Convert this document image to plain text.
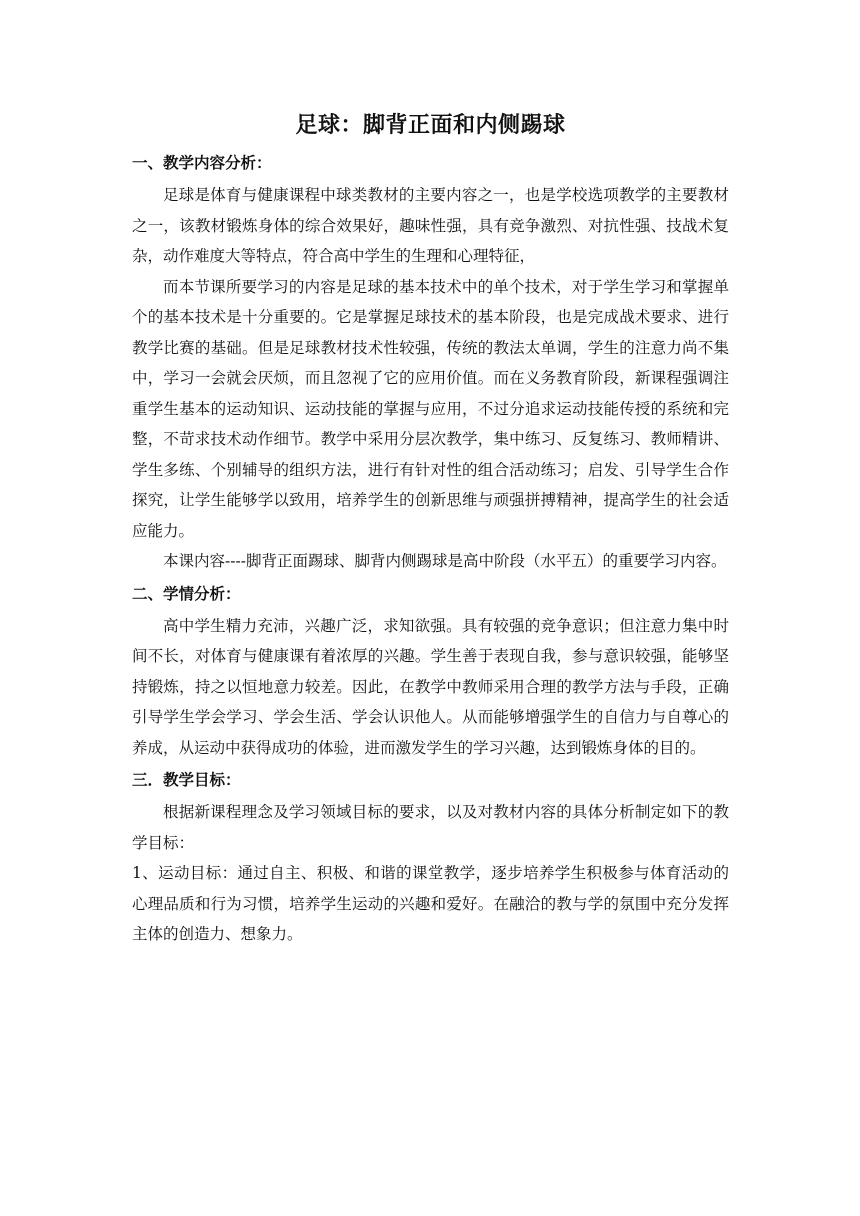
足球：脚背正面和内侧踢球
一、教学内容分析：

足球是体育与健康课程中球类教材的主要内容之一，也是学校选项教学的主要教材之一，该教材锻炼身体的综合效果好，趣味性强，具有竞争激烈、对抗性强、技战术复杂，动作难度大等特点，符合高中学生的生理和心理特征，

而本节课所要学习的内容是足球的基本技术中的单个技术，对于学生学习和掌握单个的基本技术是十分重要的。它是掌握足球技术的基本阶段，也是完成战术要求、进行教学比赛的基础。但是足球教材技术性较强，传统的教法太单调，学生的注意力尚不集中，学习一会就会厌烦，而且忽视了它的应用价值。而在义务教育阶段，新课程强调注重学生基本的运动知识、运动技能的掌握与应用，不过分追求运动技能传授的系统和完整，不苛求技术动作细节。教学中采用分层次教学，集中练习、反复练习、教师精讲、学生多练、个别辅导的组织方法，进行有针对性的组合活动练习；启发、引导学生合作探究，让学生能够学以致用，培养学生的创新思维与顽强拼搏精神，提高学生的社会适应能力。

本课内容----脚背正面踢球、脚背内侧踢球是高中阶段（水平五）的重要学习内容。

二、学情分析：

高中学生精力充沛，兴趣广泛，求知欲强。具有较强的竞争意识；但注意力集中时间不长，对体育与健康课有着浓厚的兴趣。学生善于表现自我，参与意识较强，能够坚持锻炼，持之以恒地意力较差。因此，在教学中教师采用合理的教学方法与手段，正确引导学生学会学习、学会生活、学会认识他人。从而能够增强学生的自信力与自尊心的养成，从运动中获得成功的体验，进而激发学生的学习兴趣，达到锻炼身体的目的。

三．教学目标：

根据新课程理念及学习领域目标的要求，以及对教材内容的具体分析制定如下的教学目标：

1、运动目标：通过自主、积极、和谐的课堂教学，逐步培养学生积极参与体育活动的心理品质和行为习惯，培养学生运动的兴趣和爱好。在融洽的教与学的氛围中充分发挥主体的创造力、想象力。
